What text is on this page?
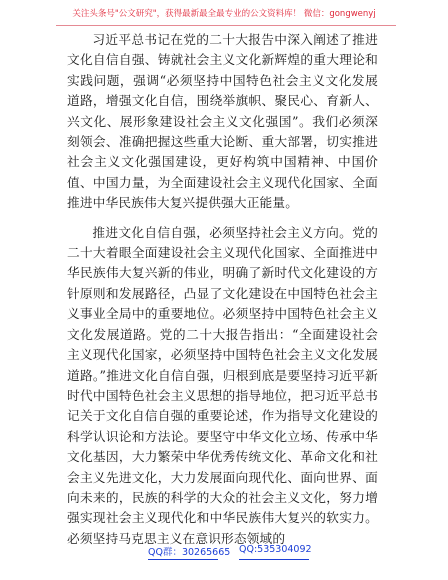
关注头条号"公文研究"，获得最新最全最专业的公文资料库！ 微信：gongwenyj

习近平总书记在党的二十大报告中深入阐述了推进文化自信自强、铸就社会主义文化新辉煌的重大理论和实践问题，强调“必须坚持中国特色社会主义文化发展道路，增强文化自信，围绕举旗帜、聚民心、育新人、兴文化、展形象建设社会主义文化强国”。我们必须深刻领会、准确把握这些重大论断、重大部署，切实推进社会主义文化强国建设，更好构筑中国精神、中国价值、中国力量，为全面建设社会主义现代化国家、全面推进中华民族伟大复兴提供强大正能量。

推进文化自信自强，必须坚持社会主义方向。党的二十大着眼全面建设社会主义现代化国家、全面推进中华民族伟大复兴新的伟业，明确了新时代文化建设的方针原则和发展路径，凸显了文化建设在中国特色社会主义事业全局中的重要地位。必须坚持中国特色社会主义文化发展道路。党的二十大报告指出：“全面建设社会主义现代化国家，必须坚持中国特色社会主义文化发展道路。”推进文化自信自强，归根到底是要坚持习近平新时代中国特色社会主义思想的指导地位，把习近平总书记关于文化自信自强的重要论述，作为指导文化建设的科学认识论和方法论。要坚守中华文化立场、传承中华文化基因，大力繁荣中华优秀传统文化、革命文化和社会主义先进文化，大力发展面向现代化、面向世界、面向未来的，民族的科学的大众的社会主义文化，努力增强实现社会主义现代化和中华民族伟大复兴的软实力。必须坚持马克思主义在意识形态领域的

QQ群：30265665 QQ:535304092
